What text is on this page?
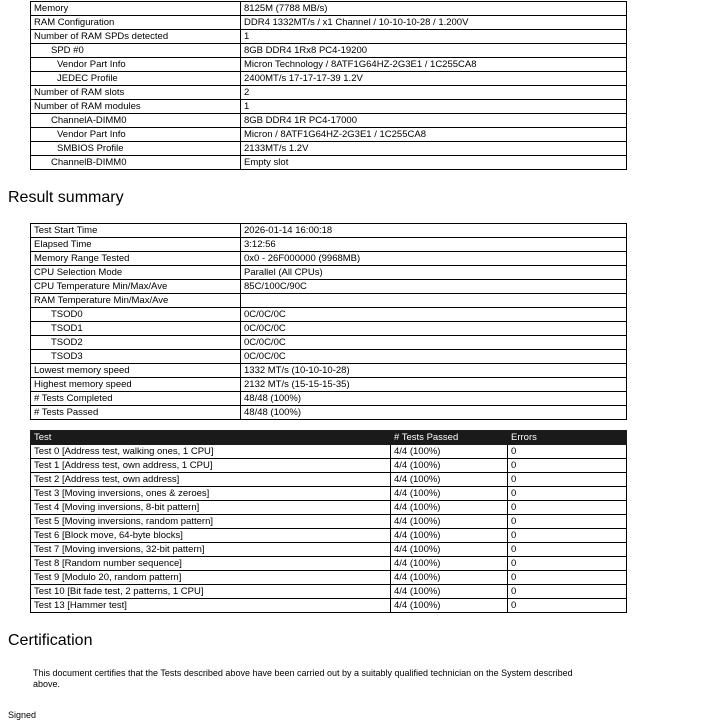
Memory	8125M (7788 MB/s)
RAM Configuration	DDR4 1332MT/s / x1 Channel / 10-10-10-28 / 1.200V
Number of RAM SPDs detected	1
SPD #0	8GB DDR4 1Rx8 PC4-19200
Vendor Part Info	Micron Technology / 8ATF1G64HZ-2G3E1 / 1C255CA8
JEDEC Profile	2400MT/s 17-17-17-39 1.2V
Number of RAM slots	2
Number of RAM modules	1
ChannelA-DIMM0	8GB DDR4 1R PC4-17000
Vendor Part Info	Micron / 8ATF1G64HZ-2G3E1 / 1C255CA8
SMBIOS Profile	2133MT/s 1.2V
ChannelB-DIMM0	Empty slot
Result summary
Test Start Time	2026-01-14 16:00:18
Elapsed Time	3:12:56
Memory Range Tested	0x0 - 26F000000 (9968MB)
CPU Selection Mode	Parallel (All CPUs)
CPU Temperature Min/Max/Ave	85C/100C/90C
RAM Temperature Min/Max/Ave	
TSOD0	0C/0C/0C
TSOD1	0C/0C/0C
TSOD2	0C/0C/0C
TSOD3	0C/0C/0C
Lowest memory speed	1332 MT/s (10-10-10-28)
Highest memory speed	2132 MT/s (15-15-15-35)
# Tests Completed	48/48 (100%)
# Tests Passed	48/48 (100%)
Test	# Tests Passed	Errors
Test 0 [Address test, walking ones, 1 CPU]	4/4 (100%)	0
Test 1 [Address test, own address, 1 CPU]	4/4 (100%)	0
Test 2 [Address test, own address]	4/4 (100%)	0
Test 3 [Moving inversions, ones & zeroes]	4/4 (100%)	0
Test 4 [Moving inversions, 8-bit pattern]	4/4 (100%)	0
Test 5 [Moving inversions, random pattern]	4/4 (100%)	0
Test 6 [Block move, 64-byte blocks]	4/4 (100%)	0
Test 7 [Moving inversions, 32-bit pattern]	4/4 (100%)	0
Test 8 [Random number sequence]	4/4 (100%)	0
Test 9 [Modulo 20, random pattern]	4/4 (100%)	0
Test 10 [Bit fade test, 2 patterns, 1 CPU]	4/4 (100%)	0
Test 13 [Hammer test]	4/4 (100%)	0
Certification

This document certifies that the Tests described above have been carried out by a suitably qualified technician on the System described above.

Signed
